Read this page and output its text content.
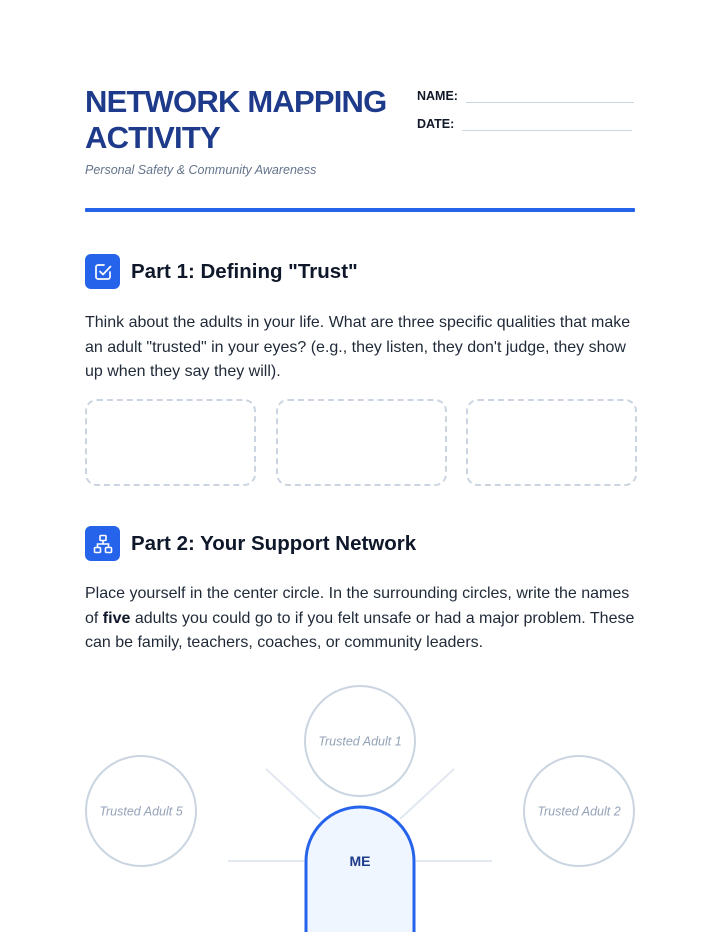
NETWORK MAPPING ACTIVITY
Personal Safety & Community Awareness
NAME:
DATE:
Part 1: Defining "Trust"
Think about the adults in your life. What are three specific qualities that make an adult "trusted" in your eyes? (e.g., they listen, they don't judge, they show up when they say they will).
Part 2: Your Support Network
Place yourself in the center circle. In the surrounding circles, write the names of five adults you could go to if you felt unsafe or had a major problem. These can be family, teachers, coaches, or community leaders.
Trusted Adult 1
Trusted Adult 5	Trusted Adult 2
ME
